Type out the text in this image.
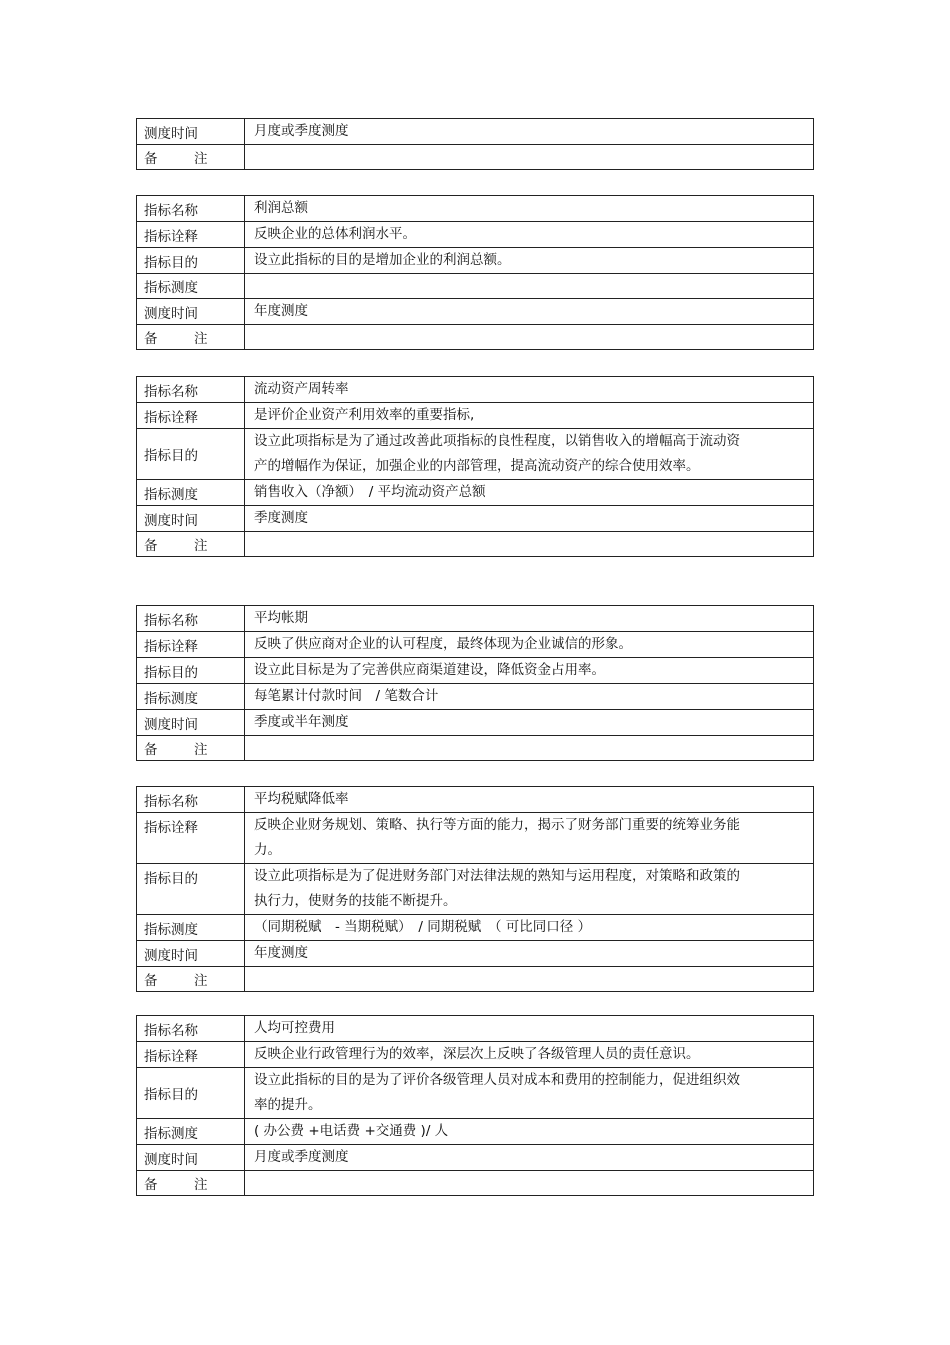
测度时间	月度或季度测度
备 注	
指标名称	利润总额
指标诠释	反映企业的总体利润水平。
指标目的	设立此指标的目的是增加企业的利润总额。
指标测度	
测度时间	年度测度
备 注	
指标名称	流动资产周转率
指标诠释	是评价企业资产利用效率的重要指标,
指标目的	设立此项指标是为了通过改善此项指标的良性程度，以销售收入的增幅高于流动资产的增幅作为保证，加强企业的内部管理，提高流动资产的综合使用效率。
指标测度	销售收入（净额）　/ 平均流动资产总额
测度时间	季度测度
备 注	
指标名称	平均帐期
指标诠释	反映了供应商对企业的认可程度，最终体现为企业诚信的形象。
指标目的	设立此目标是为了完善供应商渠道建设，降低资金占用率。
指标测度	每笔累计付款时间　/ 笔数合计
测度时间	季度或半年测度
备 注	
指标名称	平均税赋降低率
指标诠释	反映企业财务规划、策略、执行等方面的能力，揭示了财务部门重要的统筹业务能力。
指标目的	设立此项指标是为了促进财务部门对法律法规的熟知与运用程度，对策略和政策的执行力，使财务的技能不断提升。
指标测度	（同期税赋　- 当期税赋）　/ 同期税赋　（ 可比同口径 ）
测度时间	年度测度
备 注	
指标名称	人均可控费用
指标诠释	反映企业行政管理行为的效率，深层次上反映了各级管理人员的责任意识。
指标目的	设立此指标的目的是为了评价各级管理人员对成本和费用的控制能力，促进组织效率的提升。
指标测度	( 办公费 +电话费 +交通费 )/ 人
测度时间	月度或季度测度
备 注	
